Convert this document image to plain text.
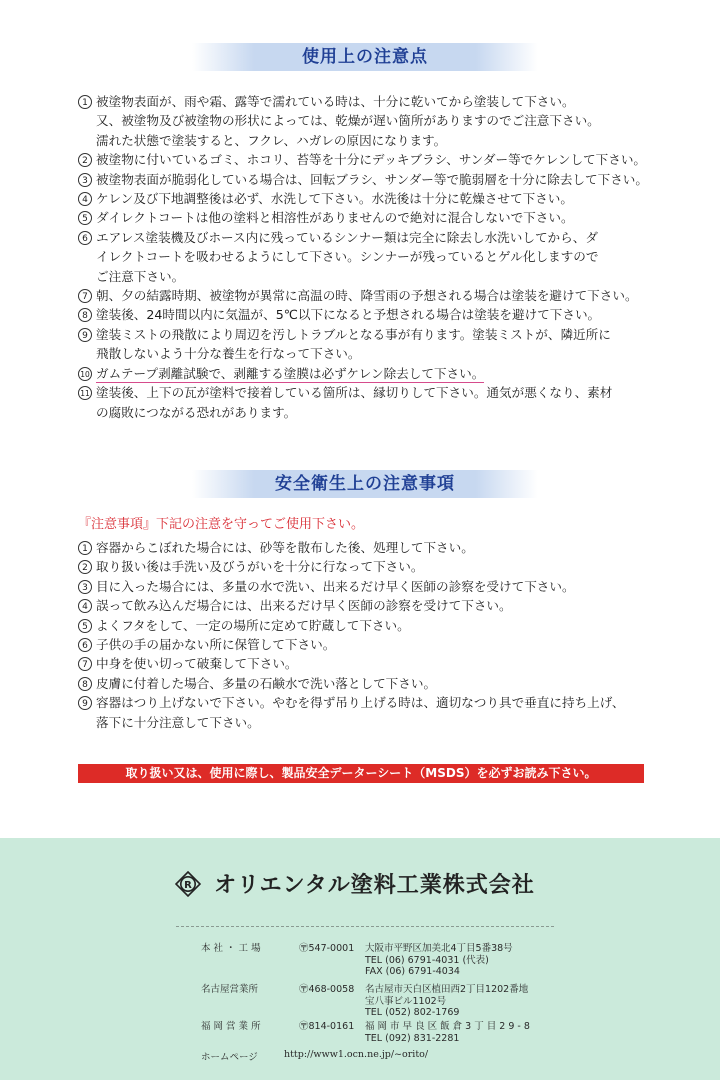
使用上の注意点
1 被塗物表面が、雨や霜、露等で濡れている時は、十分に乾いてから塗装して下さい。
又、被塗物及び被塗物の形状によっては、乾燥が遅い箇所がありますのでご注意下さい。
濡れた状態で塗装すると、フクレ、ハガレの原因になります。
2 被塗物に付いているゴミ、ホコリ、苔等を十分にデッキブラシ、サンダー等でケレンして下さい。
3 被塗物表面が脆弱化している場合は、回転ブラシ、サンダー等で脆弱層を十分に除去して下さい。
4 ケレン及び下地調整後は必ず、水洗して下さい。水洗後は十分に乾燥させて下さい。
5 ダイレクトコートは他の塗料と相溶性がありませんので絶対に混合しないで下さい。
6 エアレス塗装機及びホース内に残っているシンナー類は完全に除去し水洗いしてから、ダ
イレクトコートを吸わせるようにして下さい。シンナーが残っているとゲル化しますので
ご注意下さい。
7 朝、夕の結露時期、被塗物が異常に高温の時、降雪雨の予想される場合は塗装を避けて下さい。
8 塗装後、24時間以内に気温が、5℃以下になると予想される場合は塗装を避けて下さい。
9 塗装ミストの飛散により周辺を汚しトラブルとなる事が有ります。塗装ミストが、隣近所に
飛散しないよう十分な養生を行なって下さい。
10 ガムテープ剥離試験で、剥離する塗膜は必ずケレン除去して下さい。
11 塗装後、上下の瓦が塗料で接着している箇所は、縁切りして下さい。通気が悪くなり、素材
の腐敗につながる恐れがあります。
安全衛生上の注意事項
『注意事項』下記の注意を守ってご使用下さい。
1 容器からこぼれた場合には、砂等を散布した後、処理して下さい。
2 取り扱い後は手洗い及びうがいを十分に行なって下さい。
3 目に入った場合には、多量の水で洗い、出来るだけ早く医師の診察を受けて下さい。
4 誤って飲み込んだ場合には、出来るだけ早く医師の診察を受けて下さい。
5 よくフタをして、一定の場所に定めて貯蔵して下さい。
6 子供の手の届かない所に保管して下さい。
7 中身を使い切って破棄して下さい。
8 皮膚に付着した場合、多量の石鹸水で洗い落として下さい。
9 容器はつり上げないで下さい。やむを得ず吊り上げる時は、適切なつり具で垂直に持ち上げ、
落下に十分注意して下さい。
取り扱い又は、使用に際し、製品安全データーシート（MSDS）を必ずお読み下さい。
R オリエンタル塗料工業株式会社
本 社 ・ 工 場	〶547-0001 大阪市平野区加美北4丁目5番38号
TEL (06) 6791-4031 (代表)
FAX (06) 6791-4034
名古屋営業所	〶468-0058 名古屋市天白区植田西2丁目1202番地
宝八事ビル1102号
TEL (052) 802-1769
福 岡 営 業 所	〶814-0161 福 岡 市 早 良 区 飯 倉 3 丁 目 2 9 - 8
TEL (092) 831-2281
ホームページ	http://www1.ocn.ne.jp/~orito/
